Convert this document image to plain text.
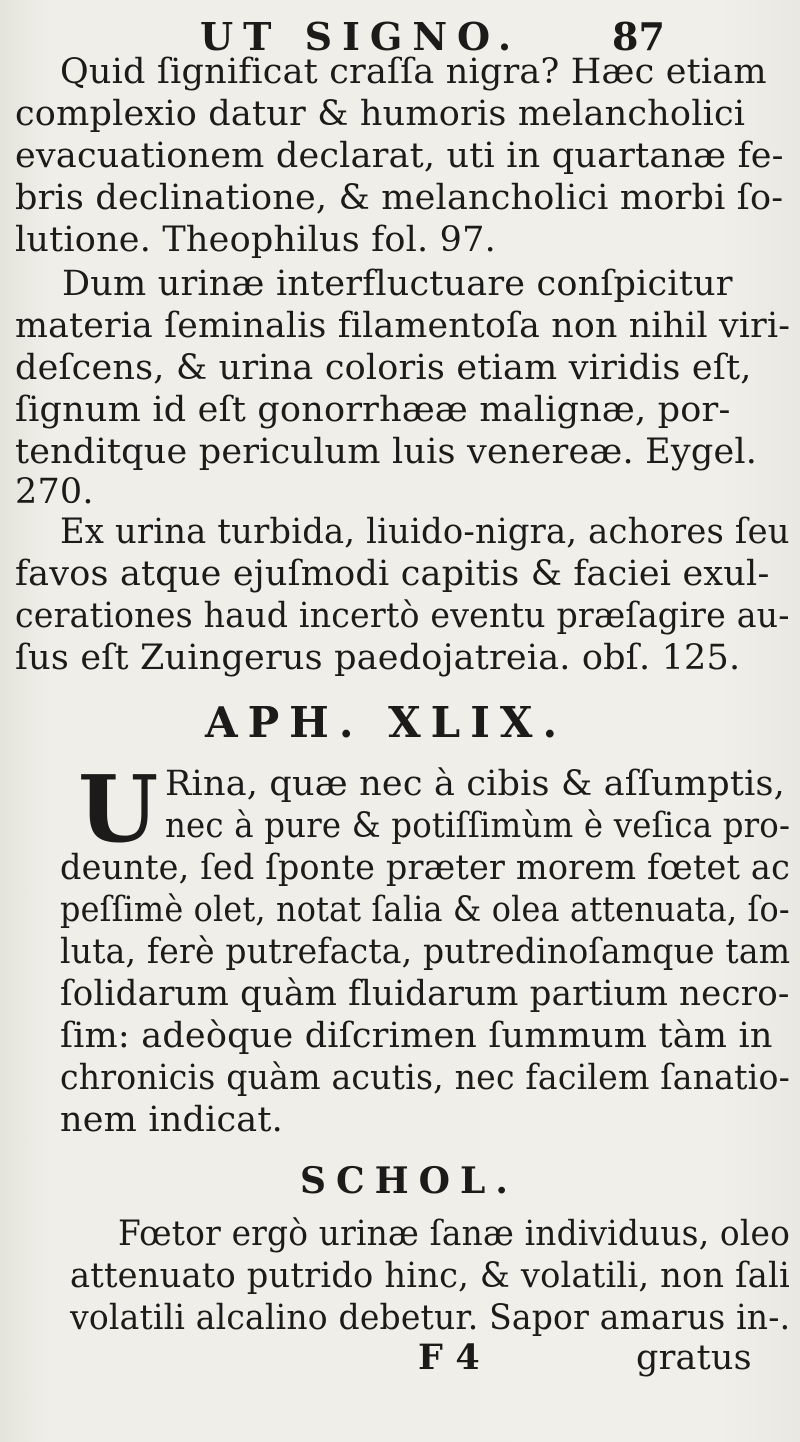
UT SIGNO. 87
Quid ſignificat craſſa nigra? Hæc etiam
complexio datur & humoris melancholici
evacuationem declarat, uti in quartanæ fe-
bris declinatione, & melancholici morbi ſo-
lutione. Theophilus fol. 97.
Dum urinæ interfluctuare conſpicitur
materia ſeminalis filamentoſa non nihil viri-
deſcens, & urina coloris etiam viridis eſt,
ſignum id eſt gonorrhææ malignæ, por-
tenditque periculum luis venereæ. Eygel.
270.
Ex urina turbida, liuido-nigra, achores ſeu
favos atque ejuſmodi capitis & faciei exul-
cerationes haud incertò eventu præſagire au-
ſus eſt Zuingerus paedojatreia. obſ. 125.
APH. XLIX.
U Rina, quæ nec à cibis & aſſumptis,
nec à pure & potiſſimùm è veſica pro-
deunte, ſed ſponte præter morem fœtet ac
peſſimè olet, notat ſalia & olea attenuata, ſo-
luta, ferè putrefacta, putredinoſamque tam
ſolidarum quàm fluidarum partium necro-
ſim: adeòque diſcrimen ſummum tàm in
chronicis quàm acutis, nec facilem ſanatio-
nem indicat.
SCHOL.
Fœtor ergò urinæ ſanæ individuus, oleo
attenuato putrido hinc, & volatili, non ſali
volatili alcalino debetur. Sapor amarus in-.
F 4	gratus
